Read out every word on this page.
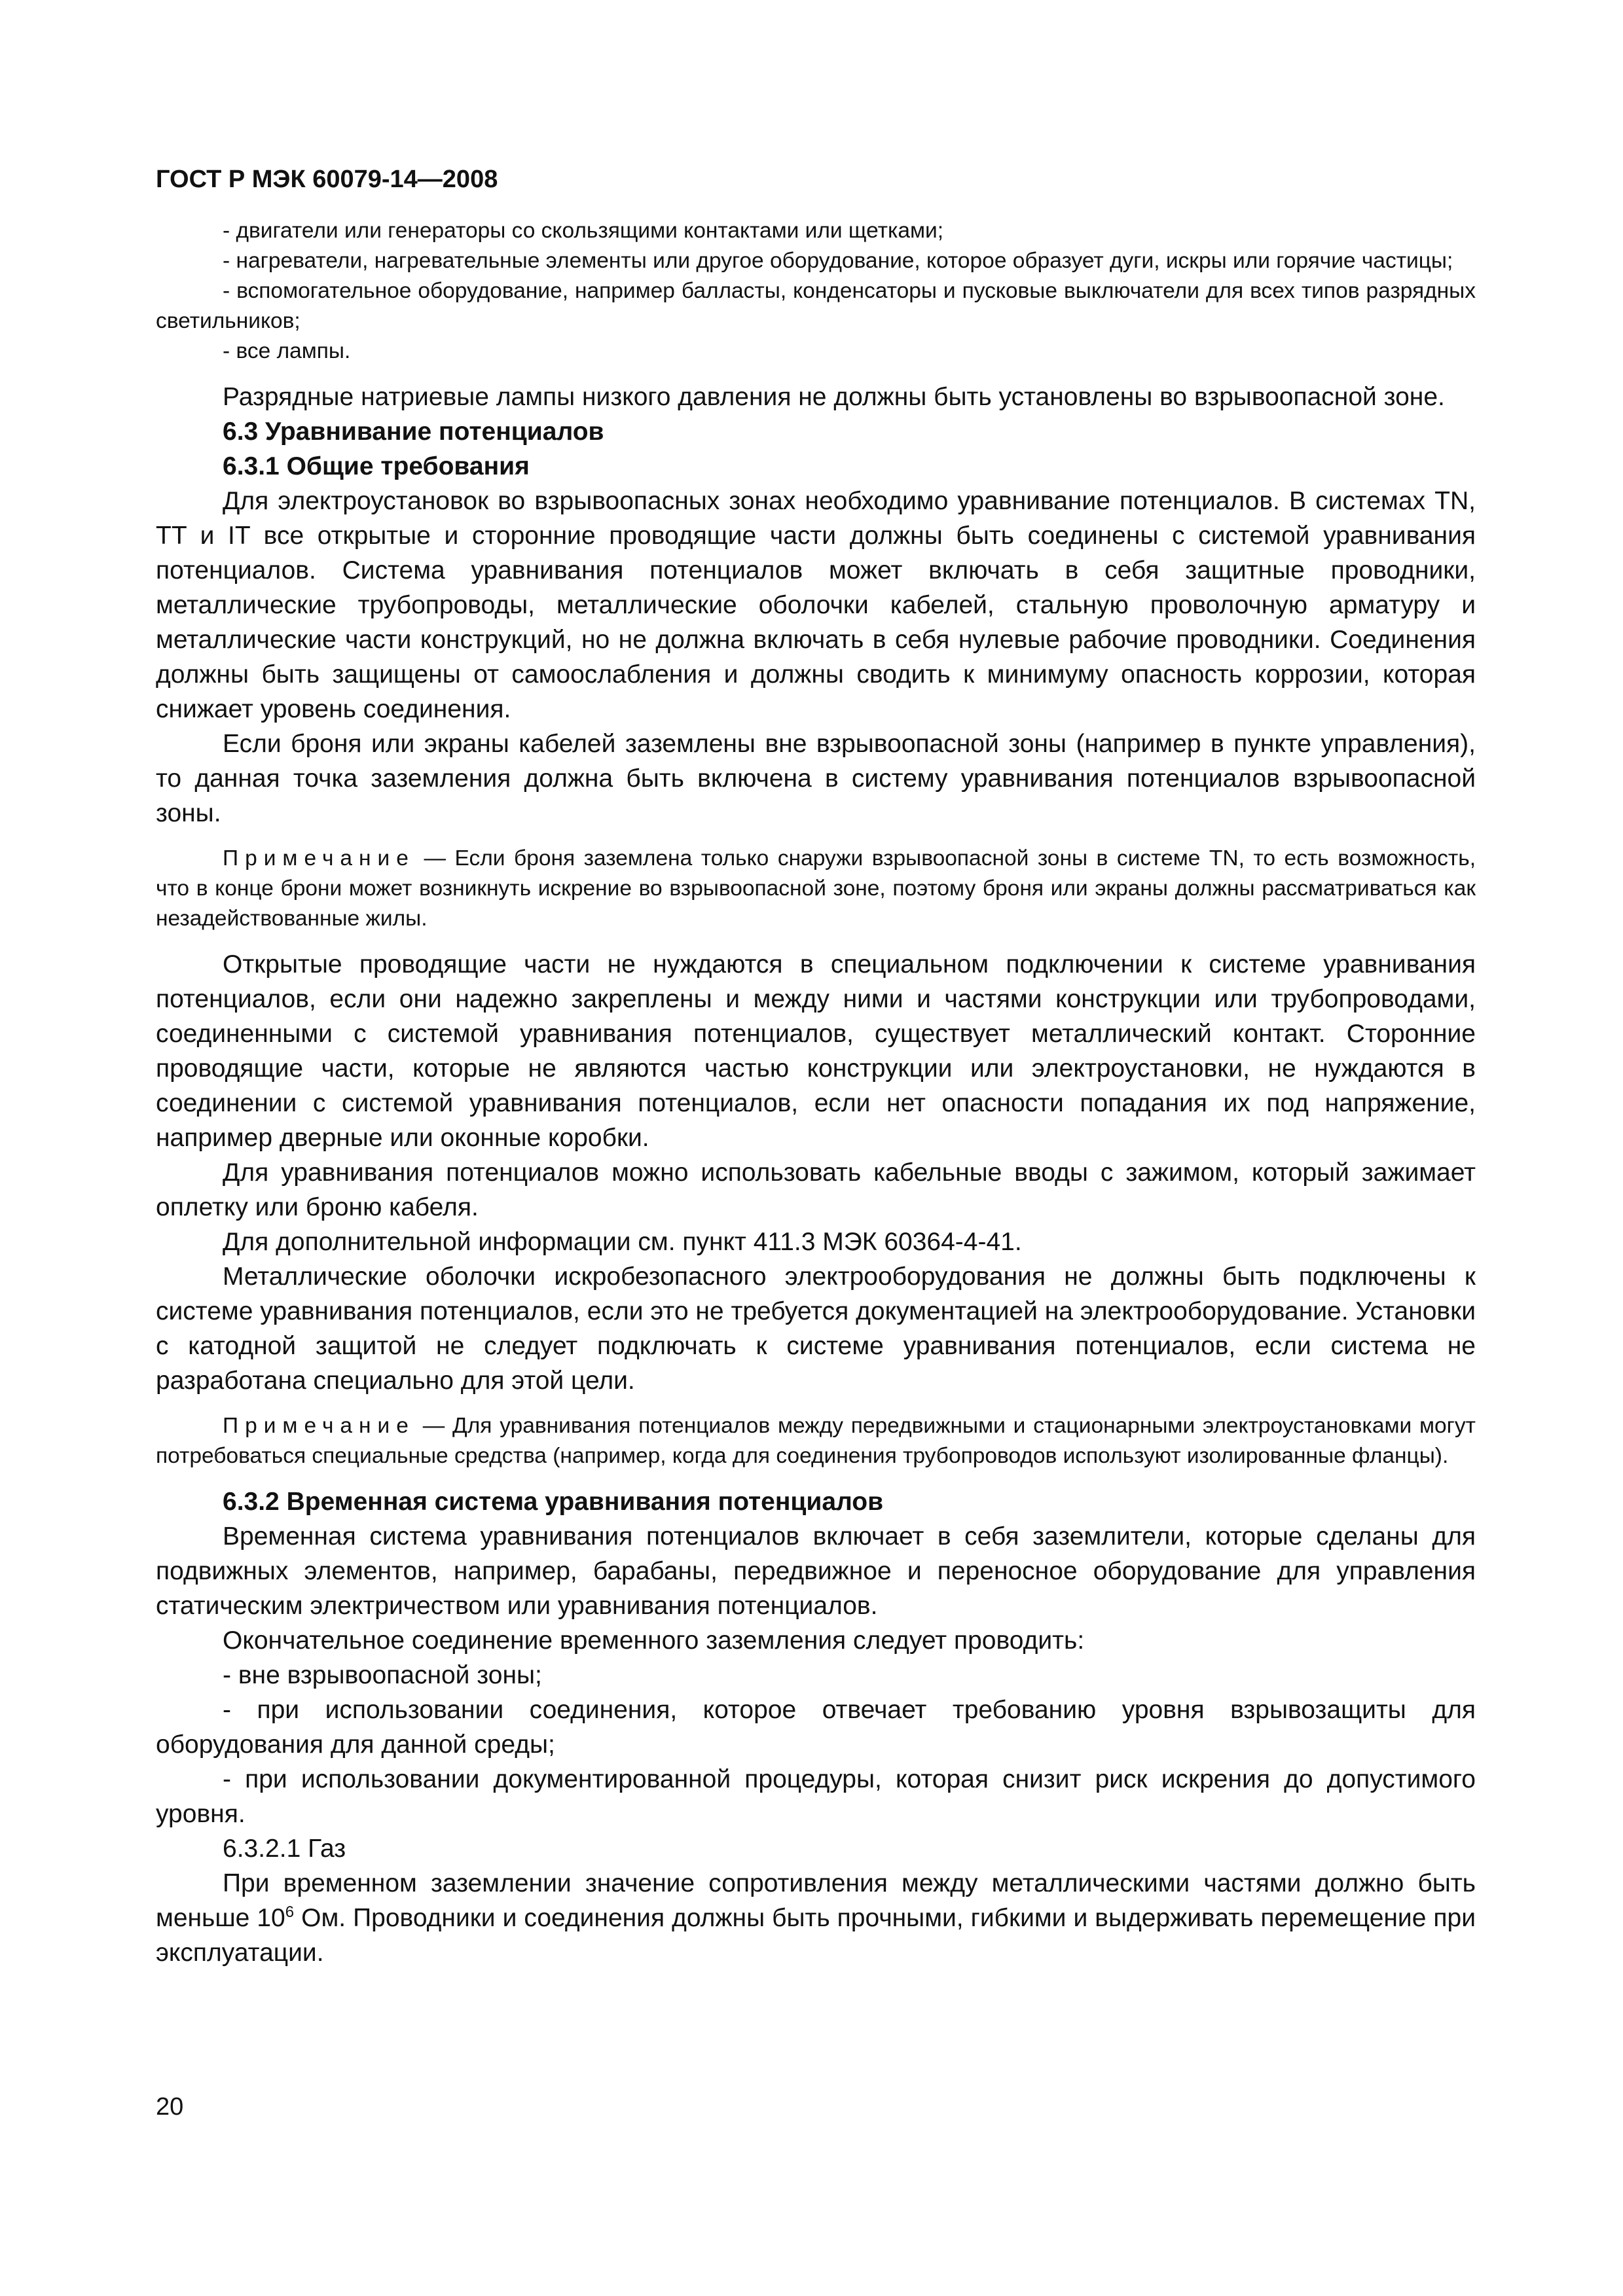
ГОСТ Р МЭК 60079-14—2008

- двигатели или генераторы со скользящими контактами или щетками;

- нагреватели, нагревательные элементы или другое оборудование, которое образует дуги, искры или горячие частицы;

- вспомогательное оборудование, например балласты, конденсаторы и пусковые выключатели для всех типов разрядных светильников;

- все лампы.

Разрядные натриевые лампы низкого давления не должны быть установлены во взрывоопасной зоне.

6.3 Уравнивание потенциалов

6.3.1 Общие требования

Для электроустановок во взрывоопасных зонах необходимо уравнивание потенциалов. В системах TN, TT и IT все открытые и сторонние проводящие части должны быть соединены с системой уравнивания потенциалов. Система уравнивания потенциалов может включать в себя защитные проводники, металлические трубопроводы, металлические оболочки кабелей, стальную проволочную арматуру и металлические части конструкций, но не должна включать в себя нулевые рабочие проводники. Соединения должны быть защищены от самоослабления и должны сводить к минимуму опасность коррозии, которая снижает уровень соединения.

Если броня или экраны кабелей заземлены вне взрывоопасной зоны (например в пункте управления), то данная точка заземления должна быть включена в систему уравнивания потенциалов взрывоопасной зоны.

Примечание — Если броня заземлена только снаружи взрывоопасной зоны в системе TN, то есть возможность, что в конце брони может возникнуть искрение во взрывоопасной зоне, поэтому броня или экраны должны рассматриваться как незадействованные жилы.

Открытые проводящие части не нуждаются в специальном подключении к системе уравнивания потенциалов, если они надежно закреплены и между ними и частями конструкции или трубопроводами, соединенными с системой уравнивания потенциалов, существует металлический контакт. Сторонние проводящие части, которые не являются частью конструкции или электроустановки, не нуждаются в соединении с системой уравнивания потенциалов, если нет опасности попадания их под напряжение, например дверные или оконные коробки.

Для уравнивания потенциалов можно использовать кабельные вводы с зажимом, который зажимает оплетку или броню кабеля.

Для дополнительной информации см. пункт 411.3 МЭК 60364-4-41.

Металлические оболочки искробезопасного электрооборудования не должны быть подключены к системе уравнивания потенциалов, если это не требуется документацией на электрооборудование. Установки с катодной защитой не следует подключать к системе уравнивания потенциалов, если система не разработана специально для этой цели.

Примечание — Для уравнивания потенциалов между передвижными и стационарными электроустановками могут потребоваться специальные средства (например, когда для соединения трубопроводов используют изолированные фланцы).

6.3.2 Временная система уравнивания потенциалов

Временная система уравнивания потенциалов включает в себя заземлители, которые сделаны для подвижных элементов, например, барабаны, передвижное и переносное оборудование для управления статическим электричеством или уравнивания потенциалов.

Окончательное соединение временного заземления следует проводить:

- вне взрывоопасной зоны;

- при использовании соединения, которое отвечает требованию уровня взрывозащиты для оборудования для данной среды;

- при использовании документированной процедуры, которая снизит риск искрения до допустимого уровня.

6.3.2.1 Газ

При временном заземлении значение сопротивления между металлическими частями должно быть меньше $10^6$ Ом. Проводники и соединения должны быть прочными, гибкими и выдерживать перемещение при эксплуатации.

20
